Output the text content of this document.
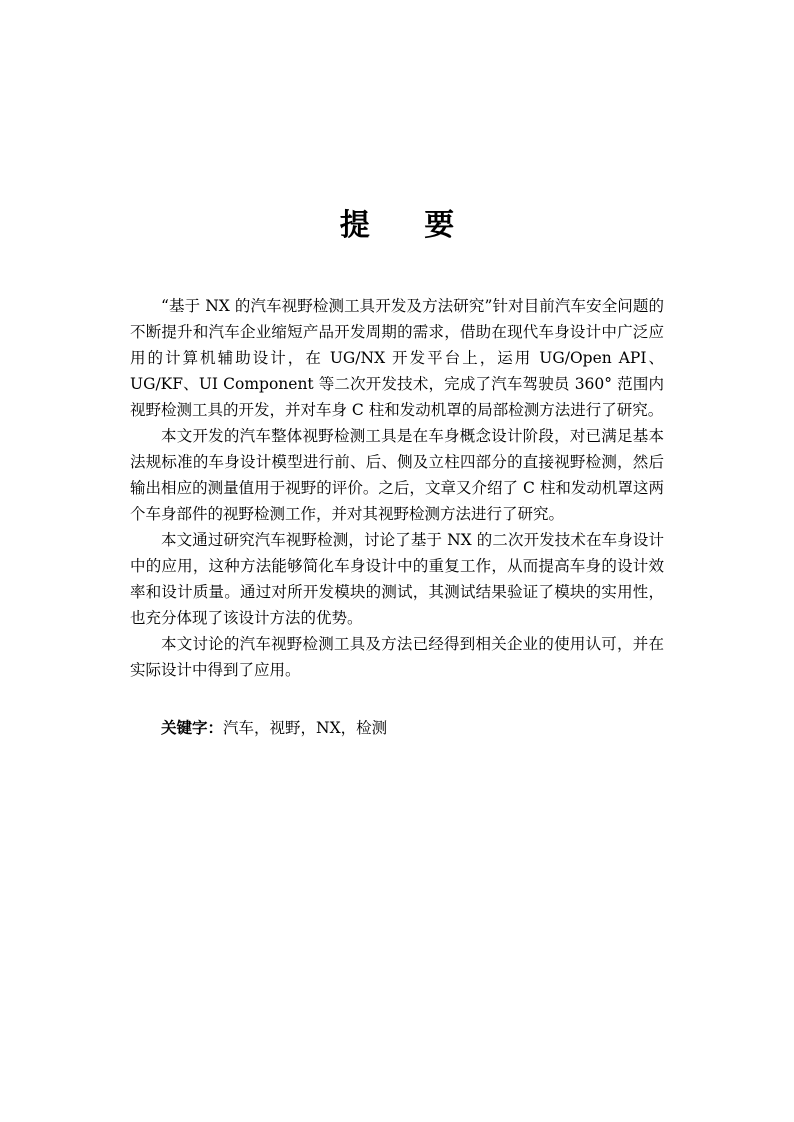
提 要

“基于 NX 的汽车视野检测工具开发及方法研究”针对目前汽车安全问题的不断提升和汽车企业缩短产品开发周期的需求，借助在现代车身设计中广泛应用的计算机辅助设计，在 UG/NX 开发平台上，运用 UG/Open API、UG/KF、UI Component 等二次开发技术，完成了汽车驾驶员 360° 范围内视野检测工具的开发，并对车身 C 柱和发动机罩的局部检测方法进行了研究。

本文开发的汽车整体视野检测工具是在车身概念设计阶段，对已满足基本法规标准的车身设计模型进行前、后、侧及立柱四部分的直接视野检测，然后输出相应的测量值用于视野的评价。之后，文章又介绍了 C 柱和发动机罩这两个车身部件的视野检测工作，并对其视野检测方法进行了研究。

本文通过研究汽车视野检测，讨论了基于 NX 的二次开发技术在车身设计中的应用，这种方法能够简化车身设计中的重复工作，从而提高车身的设计效率和设计质量。通过对所开发模块的测试，其测试结果验证了模块的实用性， 也充分体现了该设计方法的优势。

本文讨论的汽车视野检测工具及方法已经得到相关企业的使用认可，并在实际设计中得到了应用。

关键字：汽车，视野，NX，检测
